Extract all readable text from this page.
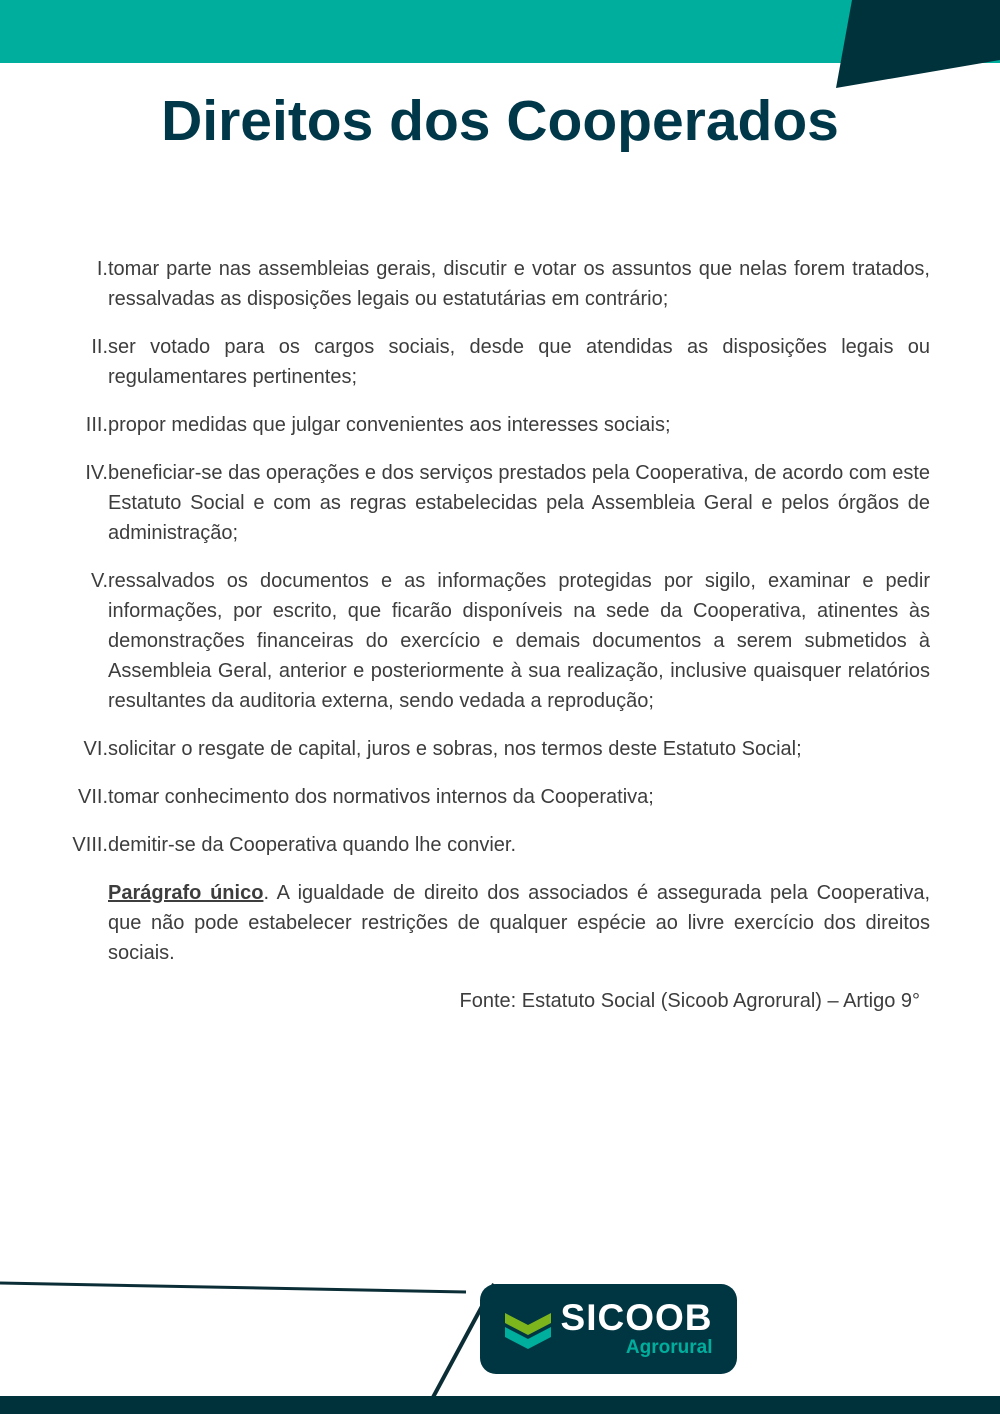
Direitos dos Cooperados
I. tomar parte nas assembleias gerais, discutir e votar os assuntos que nelas forem tratados, ressalvadas as disposições legais ou estatutárias em contrário;
II. ser votado para os cargos sociais, desde que atendidas as disposições legais ou regulamentares pertinentes;
III. propor medidas que julgar convenientes aos interesses sociais;
IV. beneficiar-se das operações e dos serviços prestados pela Cooperativa, de acordo com este Estatuto Social e com as regras estabelecidas pela Assembleia Geral e pelos órgãos de administração;
V. ressalvados os documentos e as informações protegidas por sigilo, examinar e pedir informações, por escrito, que ficarão disponíveis na sede da Cooperativa, atinentes às demonstrações financeiras do exercício e demais documentos a serem submetidos à Assembleia Geral, anterior e posteriormente à sua realização, inclusive quaisquer relatórios resultantes da auditoria externa, sendo vedada a reprodução;
VI. solicitar o resgate de capital, juros e sobras, nos termos deste Estatuto Social;
VII. tomar conhecimento dos normativos internos da Cooperativa;
VIII. demitir-se da Cooperativa quando lhe convier.
Parágrafo único. A igualdade de direito dos associados é assegurada pela Cooperativa, que não pode estabelecer restrições de qualquer espécie ao livre exercício dos direitos sociais.
Fonte: Estatuto Social (Sicoob Agrorural) – Artigo 9°
SICOOB
Agrorural
